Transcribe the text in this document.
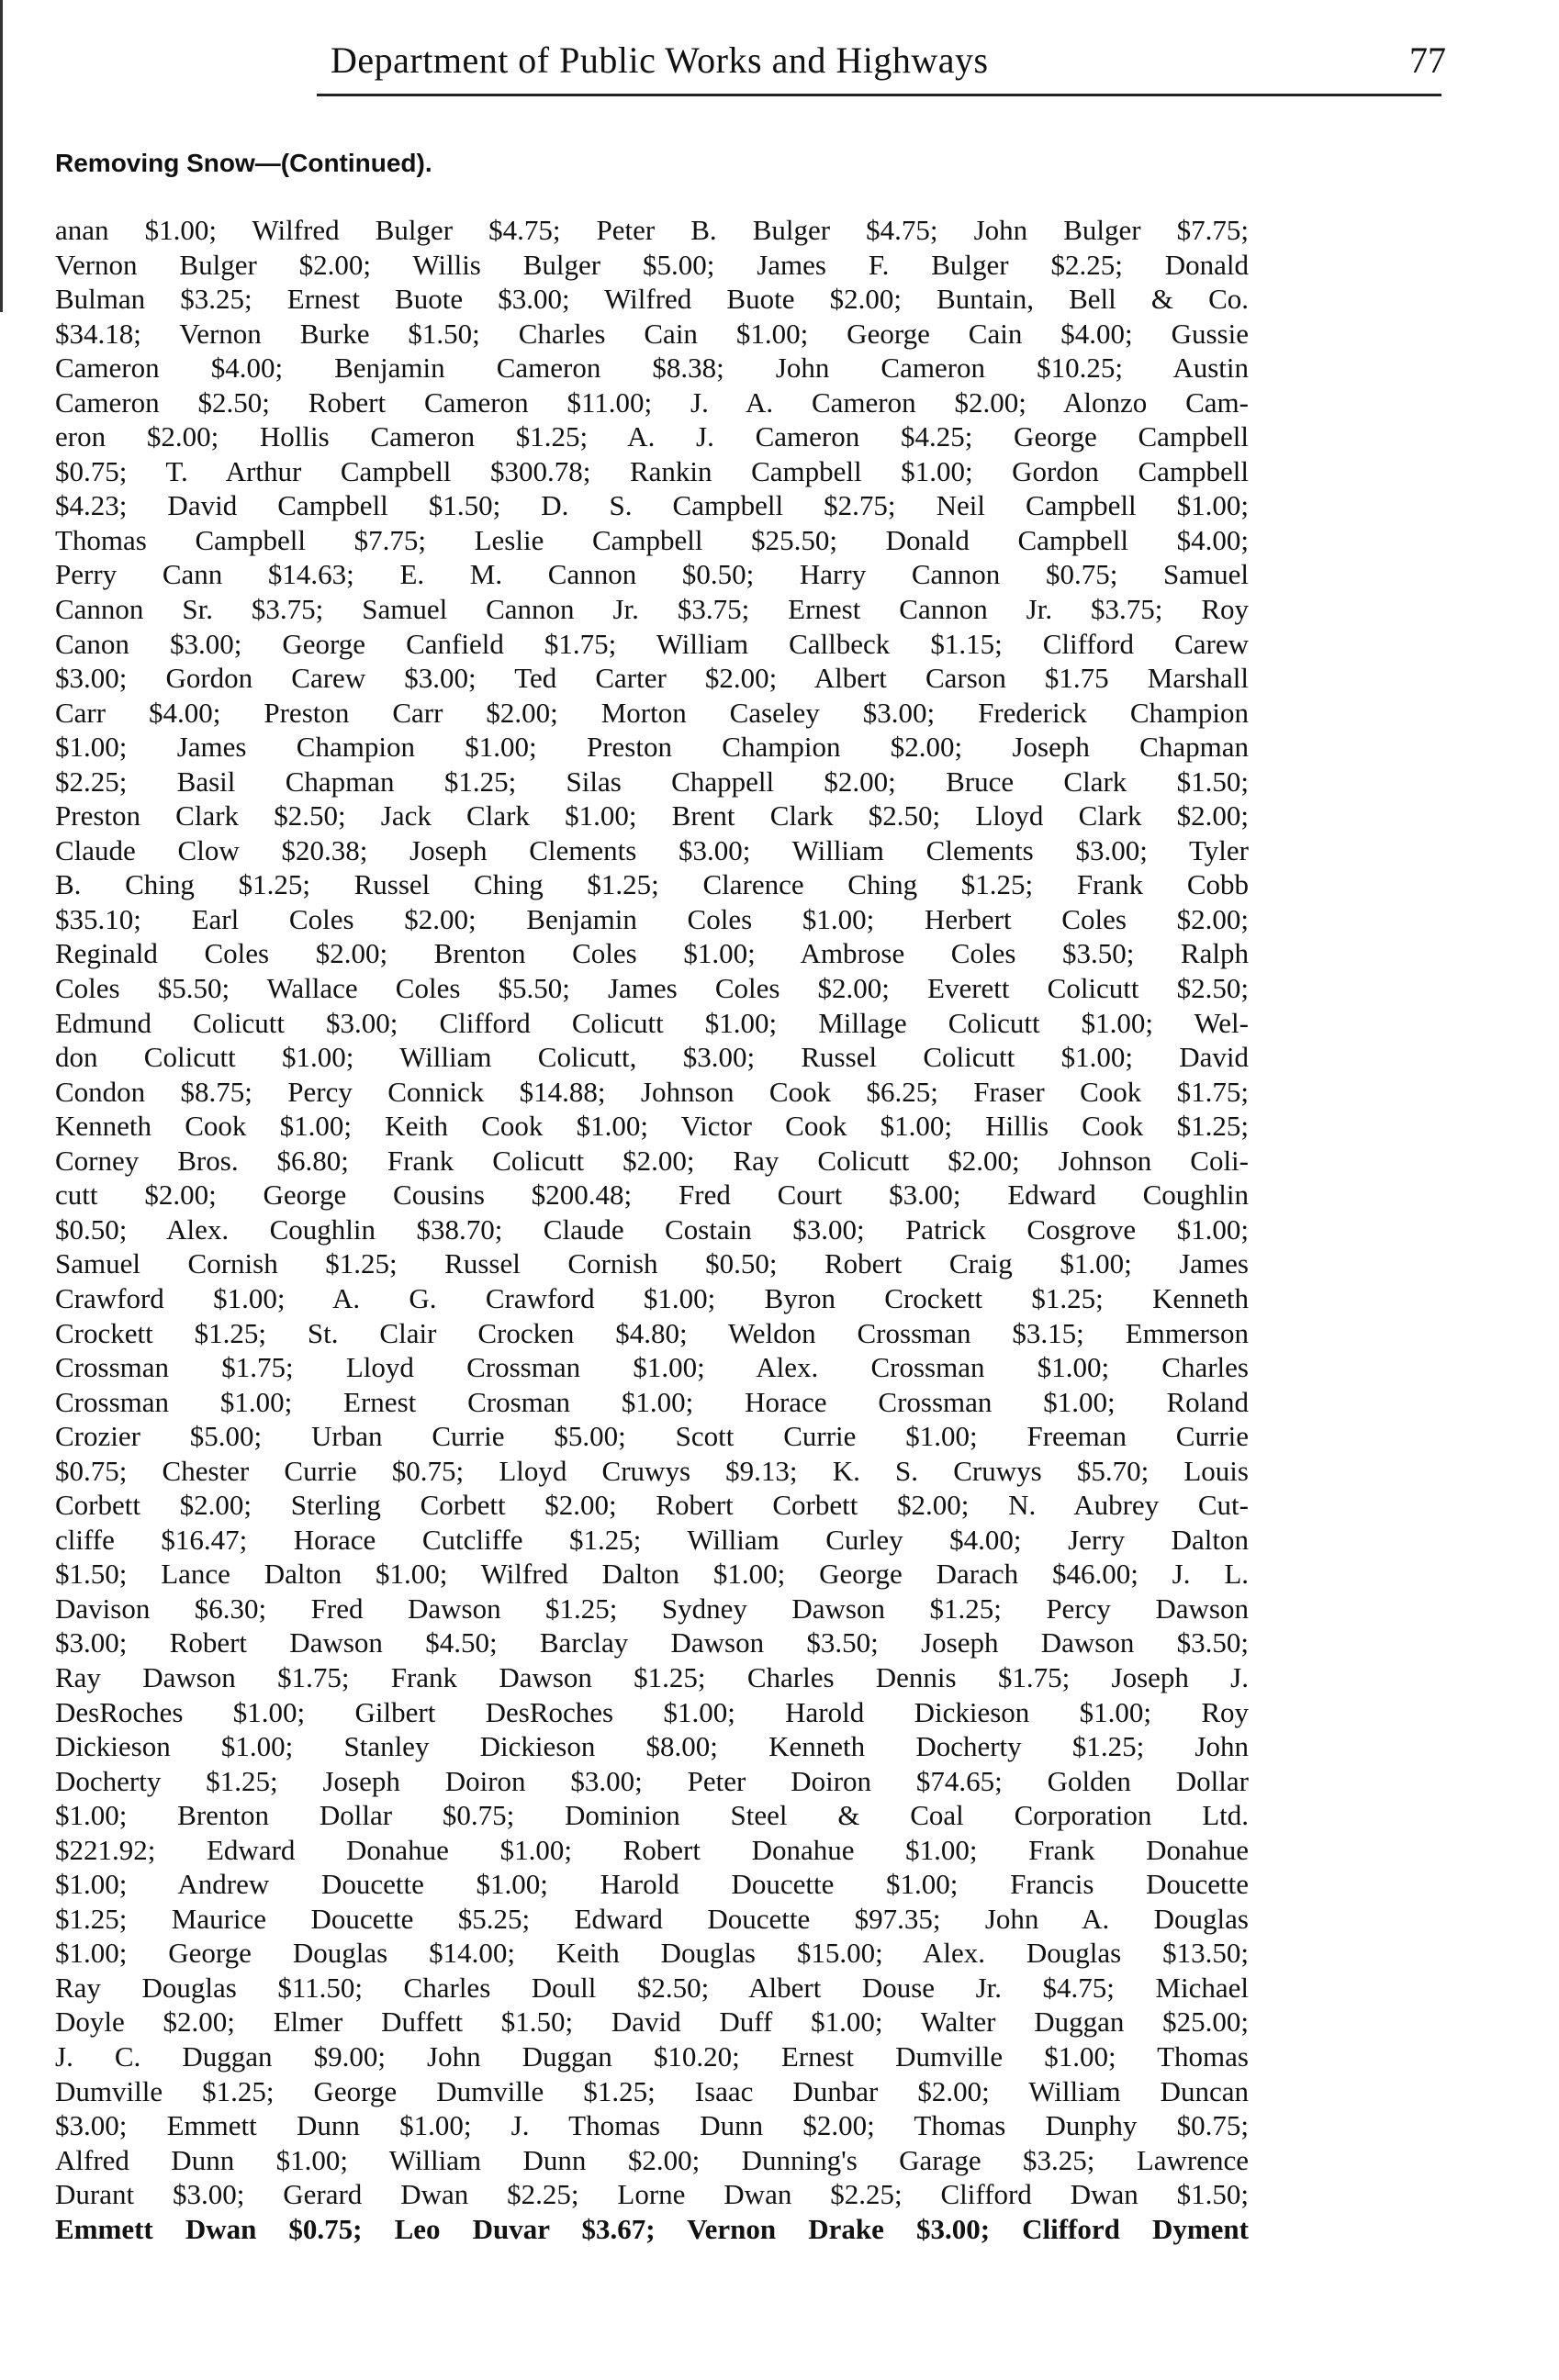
Department of Public Works and Highways	77
Removing Snow—(Continued).
anan $1.00; Wilfred Bulger $4.75; Peter B. Bulger $4.75; John Bulger $7.75;
Vernon Bulger $2.00; Willis Bulger $5.00; James F. Bulger $2.25; Donald
Bulman $3.25; Ernest Buote $3.00; Wilfred Buote $2.00; Buntain, Bell & Co.
$34.18; Vernon Burke $1.50; Charles Cain $1.00; George Cain $4.00; Gussie
Cameron $4.00; Benjamin Cameron $8.38; John Cameron $10.25; Austin
Cameron $2.50; Robert Cameron $11.00; J. A. Cameron $2.00; Alonzo Cam-
eron $2.00; Hollis Cameron $1.25; A. J. Cameron $4.25; George Campbell
$0.75; T. Arthur Campbell $300.78; Rankin Campbell $1.00; Gordon Campbell
$4.23; David Campbell $1.50; D. S. Campbell $2.75; Neil Campbell $1.00;
Thomas Campbell $7.75; Leslie Campbell $25.50; Donald Campbell $4.00;
Perry Cann $14.63; E. M. Cannon $0.50; Harry Cannon $0.75; Samuel
Cannon Sr. $3.75; Samuel Cannon Jr. $3.75; Ernest Cannon Jr. $3.75; Roy
Canon $3.00; George Canfield $1.75; William Callbeck $1.15; Clifford Carew
$3.00; Gordon Carew $3.00; Ted Carter $2.00; Albert Carson $1.75 Marshall
Carr $4.00; Preston Carr $2.00; Morton Caseley $3.00; Frederick Champion
$1.00; James Champion $1.00; Preston Champion $2.00; Joseph Chapman
$2.25; Basil Chapman $1.25; Silas Chappell $2.00; Bruce Clark $1.50;
Preston Clark $2.50; Jack Clark $1.00; Brent Clark $2.50; Lloyd Clark $2.00;
Claude Clow $20.38; Joseph Clements $3.00; William Clements $3.00; Tyler
B. Ching $1.25; Russel Ching $1.25; Clarence Ching $1.25; Frank Cobb
$35.10; Earl Coles $2.00; Benjamin Coles $1.00; Herbert Coles $2.00;
Reginald Coles $2.00; Brenton Coles $1.00; Ambrose Coles $3.50; Ralph
Coles $5.50; Wallace Coles $5.50; James Coles $2.00; Everett Colicutt $2.50;
Edmund Colicutt $3.00; Clifford Colicutt $1.00; Millage Colicutt $1.00; Wel-
don Colicutt $1.00; William Colicutt, $3.00; Russel Colicutt $1.00; David
Condon $8.75; Percy Connick $14.88; Johnson Cook $6.25; Fraser Cook $1.75;
Kenneth Cook $1.00; Keith Cook $1.00; Victor Cook $1.00; Hillis Cook $1.25;
Corney Bros. $6.80; Frank Colicutt $2.00; Ray Colicutt $2.00; Johnson Coli-
cutt $2.00; George Cousins $200.48; Fred Court $3.00; Edward Coughlin
$0.50; Alex. Coughlin $38.70; Claude Costain $3.00; Patrick Cosgrove $1.00;
Samuel Cornish $1.25; Russel Cornish $0.50; Robert Craig $1.00; James
Crawford $1.00; A. G. Crawford $1.00; Byron Crockett $1.25; Kenneth
Crockett $1.25; St. Clair Crocken $4.80; Weldon Crossman $3.15; Emmerson
Crossman $1.75; Lloyd Crossman $1.00; Alex. Crossman $1.00; Charles
Crossman $1.00; Ernest Crosman $1.00; Horace Crossman $1.00; Roland
Crozier $5.00; Urban Currie $5.00; Scott Currie $1.00; Freeman Currie
$0.75; Chester Currie $0.75; Lloyd Cruwys $9.13; K. S. Cruwys $5.70; Louis
Corbett $2.00; Sterling Corbett $2.00; Robert Corbett $2.00; N. Aubrey Cut-
cliffe $16.47; Horace Cutcliffe $1.25; William Curley $4.00; Jerry Dalton
$1.50; Lance Dalton $1.00; Wilfred Dalton $1.00; George Darach $46.00; J. L.
Davison $6.30; Fred Dawson $1.25; Sydney Dawson $1.25; Percy Dawson
$3.00; Robert Dawson $4.50; Barclay Dawson $3.50; Joseph Dawson $3.50;
Ray Dawson $1.75; Frank Dawson $1.25; Charles Dennis $1.75; Joseph J.
DesRoches $1.00; Gilbert DesRoches $1.00; Harold Dickieson $1.00; Roy
Dickieson $1.00; Stanley Dickieson $8.00; Kenneth Docherty $1.25; John
Docherty $1.25; Joseph Doiron $3.00; Peter Doiron $74.65; Golden Dollar
$1.00; Brenton Dollar $0.75; Dominion Steel & Coal Corporation Ltd.
$221.92; Edward Donahue $1.00; Robert Donahue $1.00; Frank Donahue
$1.00; Andrew Doucette $1.00; Harold Doucette $1.00; Francis Doucette
$1.25; Maurice Doucette $5.25; Edward Doucette $97.35; John A. Douglas
$1.00; George Douglas $14.00; Keith Douglas $15.00; Alex. Douglas $13.50;
Ray Douglas $11.50; Charles Doull $2.50; Albert Douse Jr. $4.75; Michael
Doyle $2.00; Elmer Duffett $1.50; David Duff $1.00; Walter Duggan $25.00;
J. C. Duggan $9.00; John Duggan $10.20; Ernest Dumville $1.00; Thomas
Dumville $1.25; George Dumville $1.25; Isaac Dunbar $2.00; William Duncan
$3.00; Emmett Dunn $1.00; J. Thomas Dunn $2.00; Thomas Dunphy $0.75;
Alfred Dunn $1.00; William Dunn $2.00; Dunning's Garage $3.25; Lawrence
Durant $3.00; Gerard Dwan $2.25; Lorne Dwan $2.25; Clifford Dwan $1.50;
Emmett Dwan $0.75; Leo Duvar $3.67; Vernon Drake $3.00; Clifford Dyment
